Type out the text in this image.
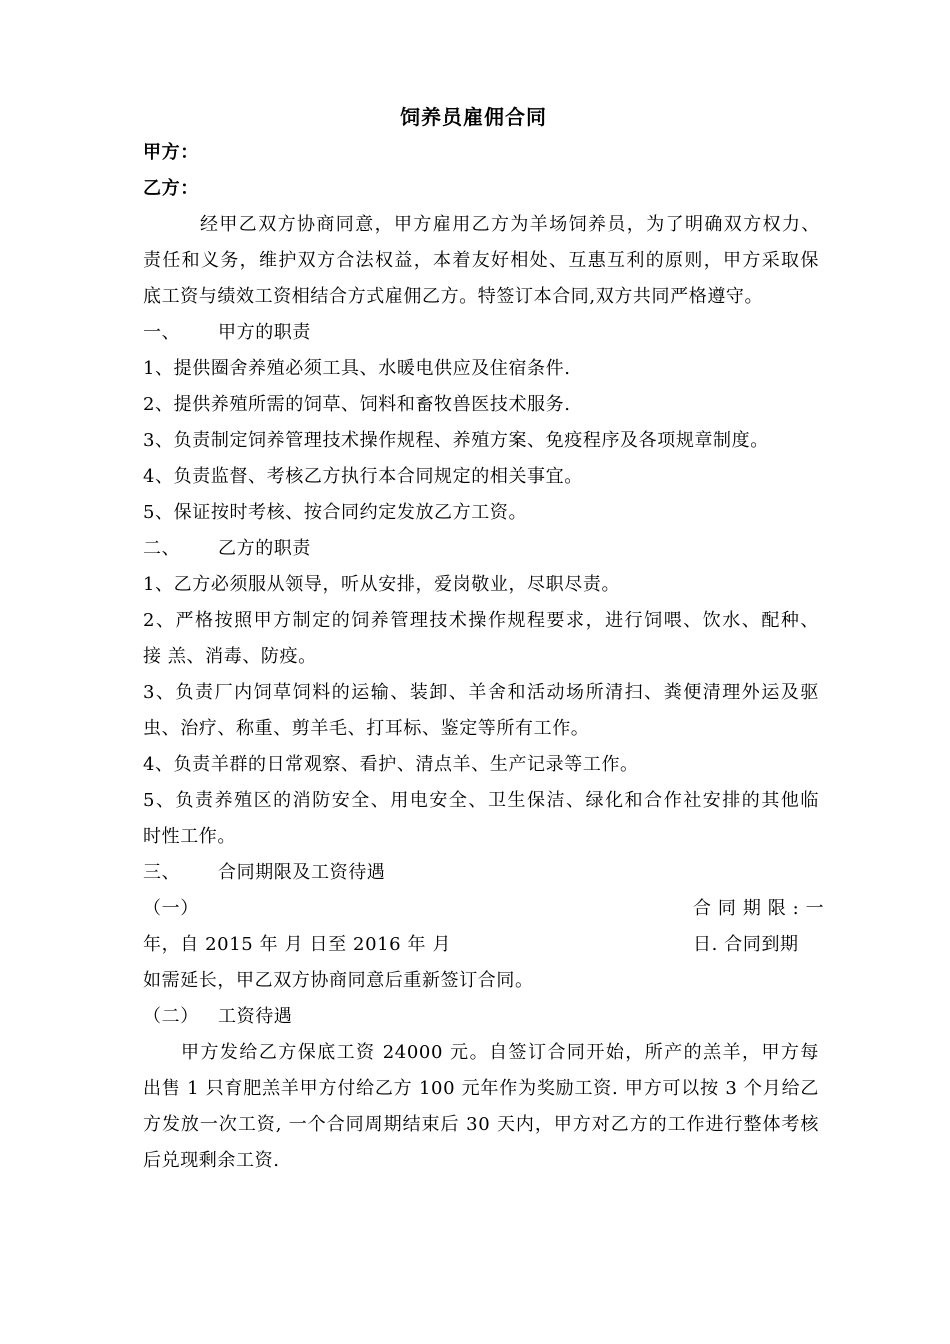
饲养员雇佣合同
甲方：
乙方：
经甲乙双方协商同意，甲方雇用乙方为羊场饲养员，为了明确双方权力、
责任和义务，维护双方合法权益，本着友好相处、互惠互利的原则，甲方采取保
底工资与绩效工资相结合方式雇佣乙方。特签订本合同,双方共同严格遵守。
一、 甲方的职责
1、提供圈舍养殖必须工具、水暖电供应及住宿条件.
2、提供养殖所需的饲草、饲料和畜牧兽医技术服务.
3、负责制定饲养管理技术操作规程、养殖方案、免疫程序及各项规章制度。
4、负责监督、考核乙方执行本合同规定的相关事宜。
5、保证按时考核、按合同约定发放乙方工资。
二、 乙方的职责
1、乙方必须服从领导，听从安排，爱岗敬业，尽职尽责。
2、严格按照甲方制定的饲养管理技术操作规程要求，进行饲喂、饮水、配种、
接 羔、消毒、防疫。
3、负责厂内饲草饲料的运输、装卸、羊舍和活动场所清扫、粪便清理外运及驱
虫、治疗、称重、剪羊毛、打耳标、鉴定等所有工作。
4、负责羊群的日常观察、看护、清点羊、生产记录等工作。
5、负责养殖区的消防安全、用电安全、卫生保洁、绿化和合作社安排的其他临
时性工作。
三、 合同期限及工资待遇
（一）	合 同 期 限 : 一
年，自 2015 年 月 日至 2016 年 月	日. 合同到期
如需延长，甲乙双方协商同意后重新签订合同。
（二） 工资待遇
甲方发给乙方保底工资 24000 元。自签订合同开始，所产的羔羊，甲方每
出售 1 只育肥羔羊甲方付给乙方 100 元年作为奖励工资. 甲方可以按 3 个月给乙
方发放一次工资, 一个合同周期结束后 30 天内，甲方对乙方的工作进行整体考核
后兑现剩余工资.
